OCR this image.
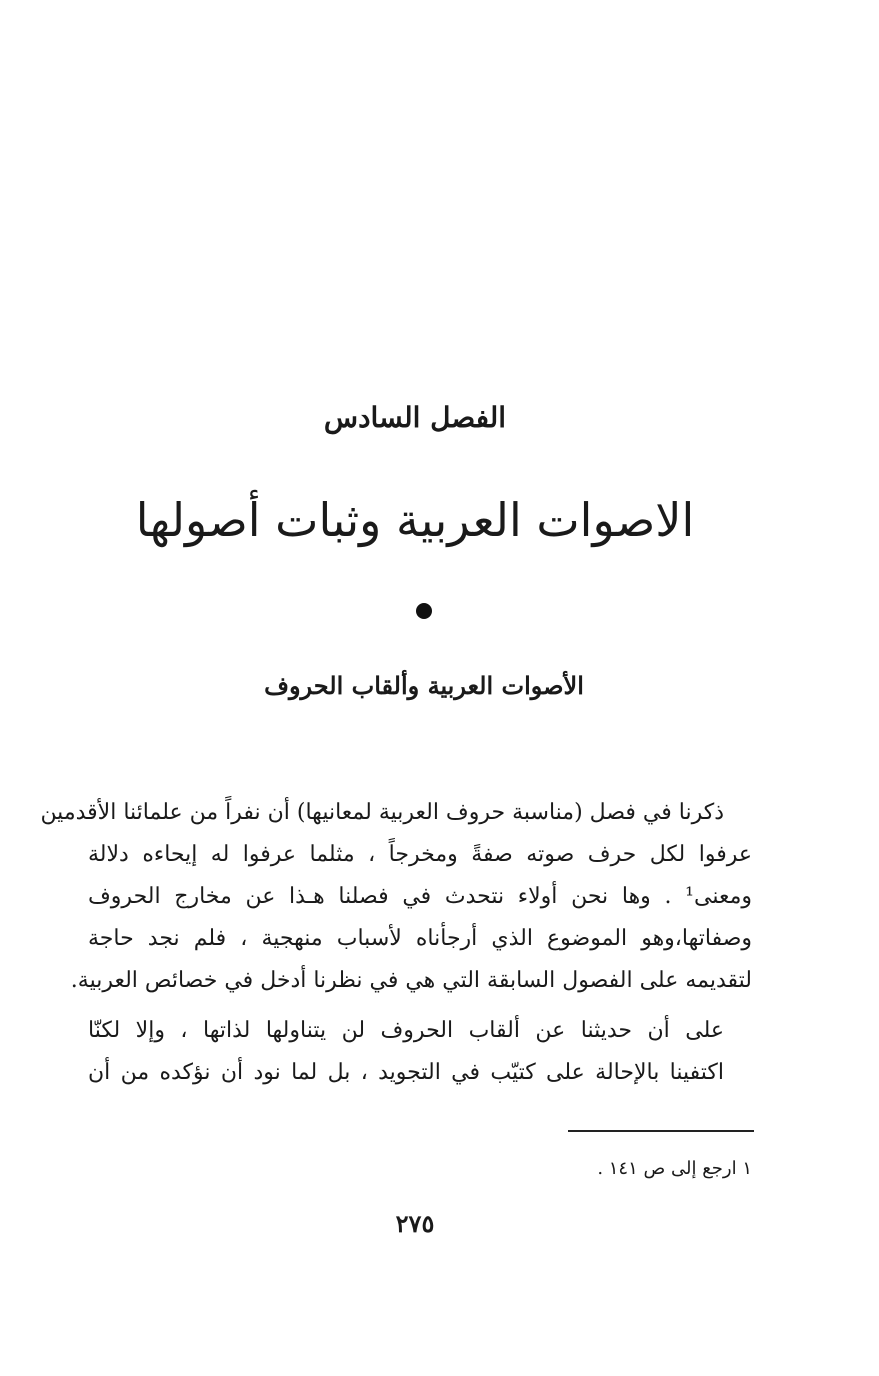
الفصل السادس
الاصوات العربية وثبات أصولها
الأصوات العربية وألقاب الحروف
ذكرنا في فصل (مناسبة حروف العربية لمعانيها) أن نفراً من علمائنا الأقدمين
عرفوا لكل حرف صوته صفةً ومخرجاً ، مثلما عرفوا له إيحاءه دلالة
ومعنى¹ . وها نحن أولاء نتحدث في فصلنا هـذا عن مخارج الحروف
وصفاتها،وهو الموضوع الذي أرجأناه لأسباب منهجية ، فلم نجد حاجة
لتقديمه على الفصول السابقة التي هي في نظرنا أدخل في خصائص العربية.
على أن حديثنا عن ألقاب الحروف لن يتناولها لذاتها ، وإلا لكنّا
اكتفينا بالإحالة على كتيّب في التجويد ، بل لما نود أن نؤكده من أن
١ ارجع إلى ص ١٤١ .
٢٧٥
